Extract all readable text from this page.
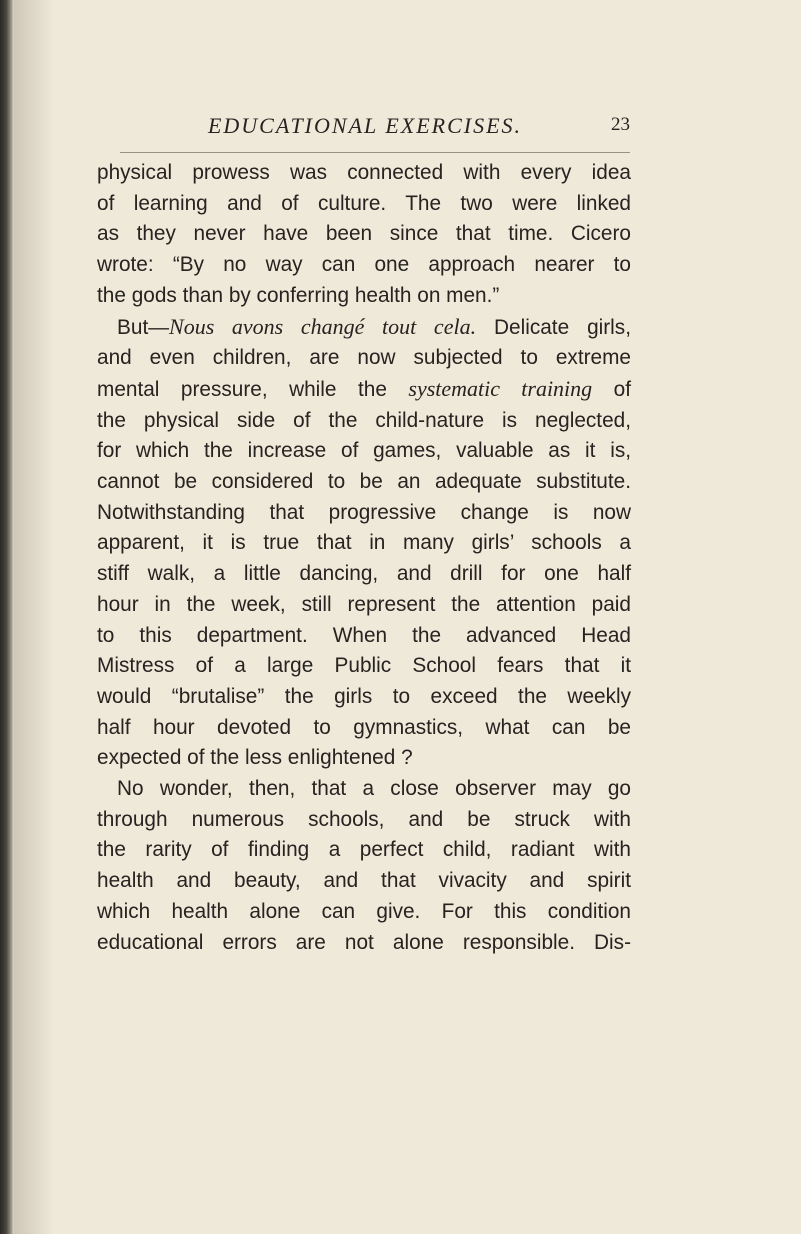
EDUCATIONAL EXERCISES.	23
physical prowess was connected with every idea
of learning and of culture. The two were linked
as they never have been since that time. Cicero
wrote: “By no way can one approach nearer to
the gods than by conferring health on men.”
But—Nous avons changé tout cela. Delicate girls,
and even children, are now subjected to extreme
mental pressure, while the systematic training of
the physical side of the child-nature is neglected,
for which the increase of games, valuable as it is,
cannot be considered to be an adequate substitute.
Notwithstanding that progressive change is now
apparent, it is true that in many girls’ schools a
stiff walk, a little dancing, and drill for one half
hour in the week, still represent the attention paid
to this department. When the advanced Head
Mistress of a large Public School fears that it
would “brutalise” the girls to exceed the weekly
half hour devoted to gymnastics, what can be
expected of the less enlightened ?
No wonder, then, that a close observer may go
through numerous schools, and be struck with
the rarity of finding a perfect child, radiant with
health and beauty, and that vivacity and spirit
which health alone can give. For this condition
educational errors are not alone responsible. Dis-
